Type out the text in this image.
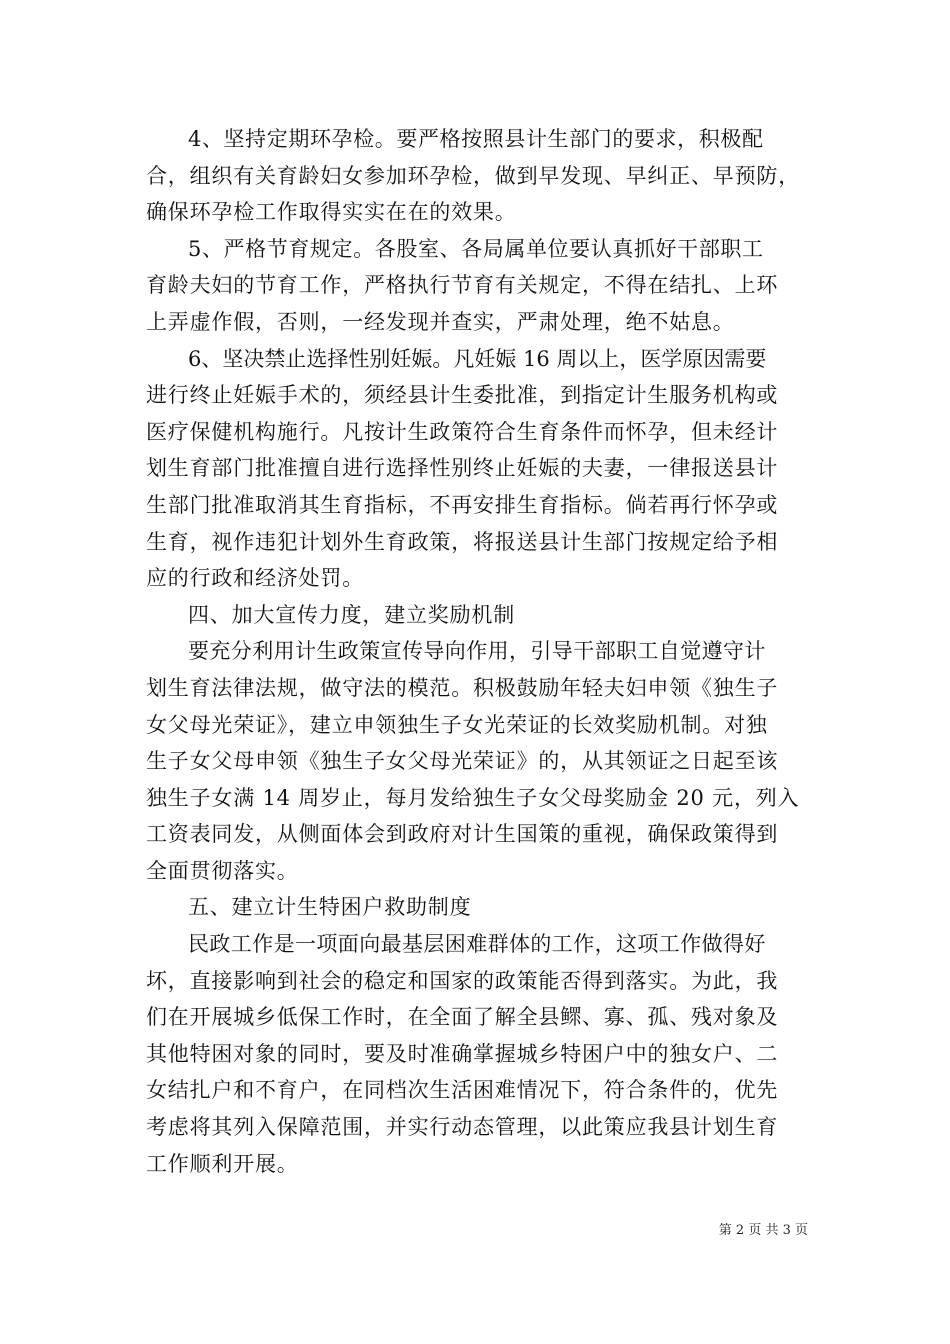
4、坚持定期环孕检。要严格按照县计生部门的要求，积极配
合，组织有关育龄妇女参加环孕检，做到早发现、早纠正、早预防，
确保环孕检工作取得实实在在的效果。

5、严格节育规定。各股室、各局属单位要认真抓好干部职工
育龄夫妇的节育工作，严格执行节育有关规定，不得在结扎、上环
上弄虚作假，否则，一经发现并查实，严肃处理，绝不姑息。

6、坚决禁止选择性别妊娠。凡妊娠 16 周以上，医学原因需要
进行终止妊娠手术的，须经县计生委批准，到指定计生服务机构或
医疗保健机构施行。凡按计生政策符合生育条件而怀孕，但未经计
划生育部门批准擅自进行选择性别终止妊娠的夫妻，一律报送县计
生部门批准取消其生育指标，不再安排生育指标。倘若再行怀孕或
生育，视作违犯计划外生育政策，将报送县计生部门按规定给予相
应的行政和经济处罚。

四、加大宣传力度，建立奖励机制

要充分利用计生政策宣传导向作用，引导干部职工自觉遵守计
划生育法律法规，做守法的模范。积极鼓励年轻夫妇申领《独生子
女父母光荣证》，建立申领独生子女光荣证的长效奖励机制。对独
生子女父母申领《独生子女父母光荣证》的，从其领证之日起至该
独生子女满 14 周岁止，每月发给独生子女父母奖励金 20 元，列入
工资表同发，从侧面体会到政府对计生国策的重视，确保政策得到
全面贯彻落实。

五、建立计生特困户救助制度

民政工作是一项面向最基层困难群体的工作，这项工作做得好
坏，直接影响到社会的稳定和国家的政策能否得到落实。为此，我
们在开展城乡低保工作时，在全面了解全县鳏、寡、孤、残对象及
其他特困对象的同时，要及时准确掌握城乡特困户中的独女户、二
女结扎户和不育户，在同档次生活困难情况下，符合条件的，优先
考虑将其列入保障范围，并实行动态管理，以此策应我县计划生育
工作顺利开展。

第 2 页 共 3 页
